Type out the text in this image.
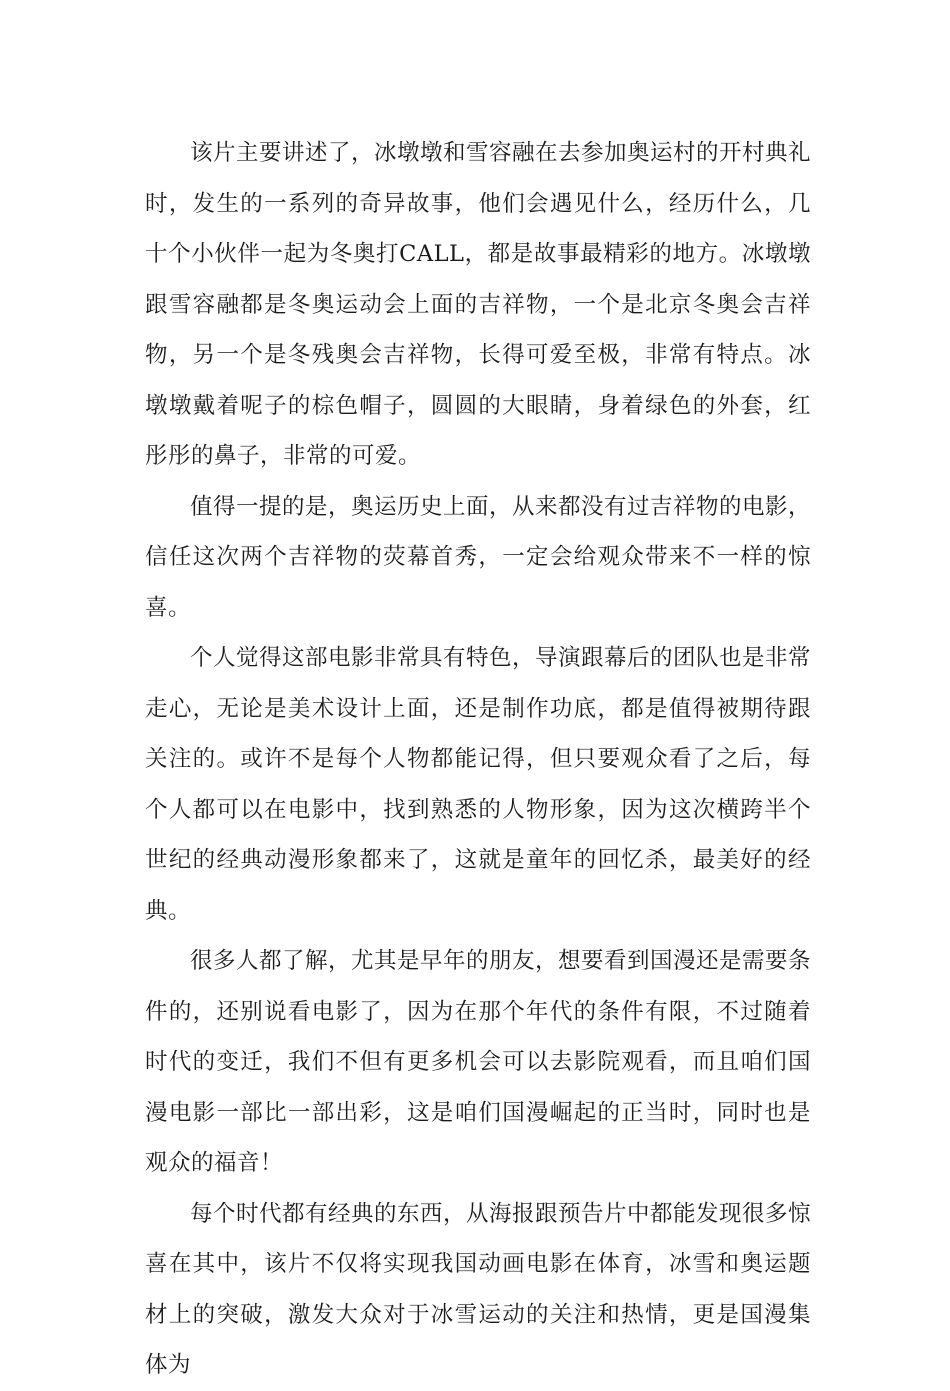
该片主要讲述了，冰墩墩和雪容融在去参加奥运村的开村典礼时，发生的一系列的奇异故事，他们会遇见什么，经历什么，几十个小伙伴一起为冬奥打CALL，都是故事最精彩的地方。冰墩墩跟雪容融都是冬奥运动会上面的吉祥物，一个是北京冬奥会吉祥物，另一个是冬残奥会吉祥物，长得可爱至极，非常有特点。冰墩墩戴着呢子的棕色帽子，圆圆的大眼睛，身着绿色的外套，红彤彤的鼻子，非常的可爱。

值得一提的是，奥运历史上面，从来都没有过吉祥物的电影，信任这次两个吉祥物的荧幕首秀，一定会给观众带来不一样的惊喜。

个人觉得这部电影非常具有特色，导演跟幕后的团队也是非常走心，无论是美术设计上面，还是制作功底，都是值得被期待跟关注的。或许不是每个人物都能记得，但只要观众看了之后，每个人都可以在电影中，找到熟悉的人物形象，因为这次横跨半个世纪的经典动漫形象都来了，这就是童年的回忆杀，最美好的经典。

很多人都了解，尤其是早年的朋友，想要看到国漫还是需要条件的，还别说看电影了，因为在那个年代的条件有限，不过随着时代的变迁，我们不但有更多机会可以去影院观看，而且咱们国漫电影一部比一部出彩，这是咱们国漫崛起的正当时，同时也是观众的福音！

每个时代都有经典的东西，从海报跟预告片中都能发现很多惊喜在其中，该片不仅将实现我国动画电影在体育，冰雪和奥运题材上的突破，激发大众对于冰雪运动的关注和热情，更是国漫集体为
